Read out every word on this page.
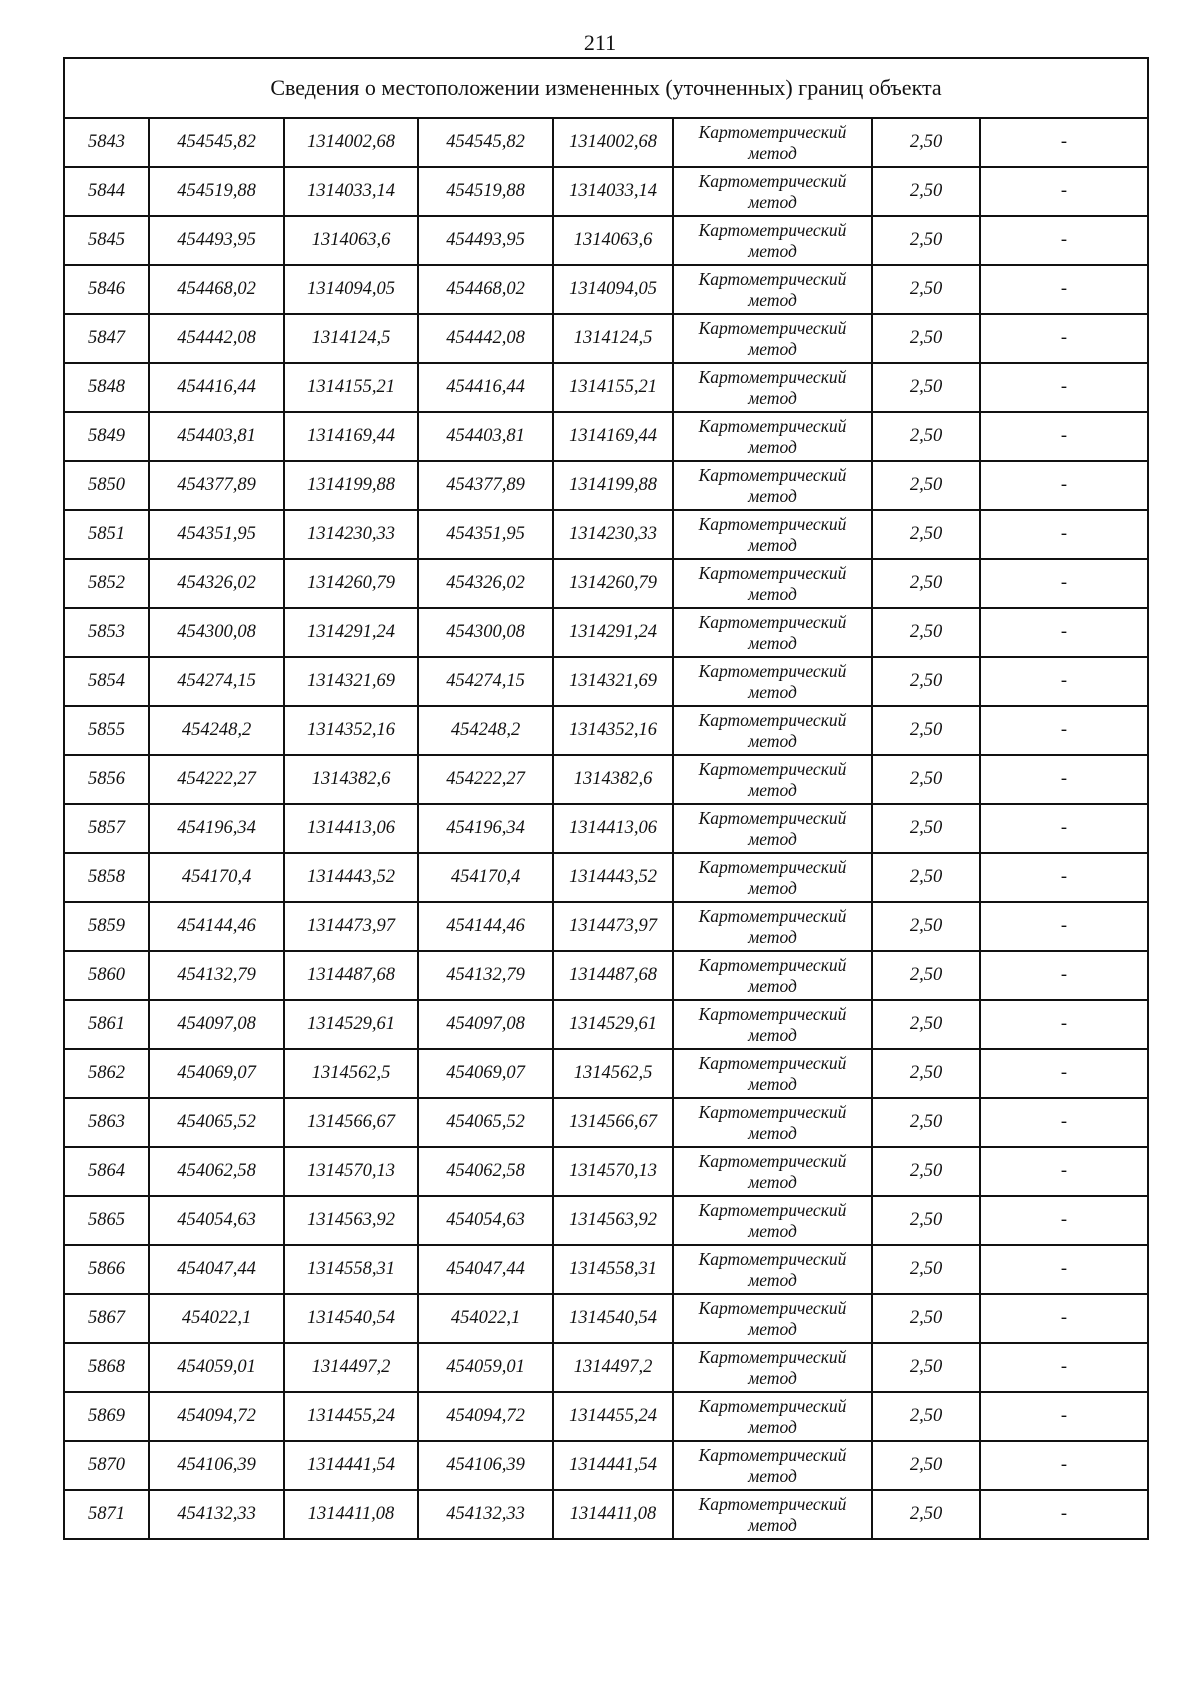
211
Сведения о местоположении измененных (уточненных) границ объекта							
5843	454545,82	1314002,68	454545,82	1314002,68	Картометрический
метод	2,50	-
5844	454519,88	1314033,14	454519,88	1314033,14	Картометрический
метод	2,50	-
5845	454493,95	1314063,6	454493,95	1314063,6	Картометрический
метод	2,50	-
5846	454468,02	1314094,05	454468,02	1314094,05	Картометрический
метод	2,50	-
5847	454442,08	1314124,5	454442,08	1314124,5	Картометрический
метод	2,50	-
5848	454416,44	1314155,21	454416,44	1314155,21	Картометрический
метод	2,50	-
5849	454403,81	1314169,44	454403,81	1314169,44	Картометрический
метод	2,50	-
5850	454377,89	1314199,88	454377,89	1314199,88	Картометрический
метод	2,50	-
5851	454351,95	1314230,33	454351,95	1314230,33	Картометрический
метод	2,50	-
5852	454326,02	1314260,79	454326,02	1314260,79	Картометрический
метод	2,50	-
5853	454300,08	1314291,24	454300,08	1314291,24	Картометрический
метод	2,50	-
5854	454274,15	1314321,69	454274,15	1314321,69	Картометрический
метод	2,50	-
5855	454248,2	1314352,16	454248,2	1314352,16	Картометрический
метод	2,50	-
5856	454222,27	1314382,6	454222,27	1314382,6	Картометрический
метод	2,50	-
5857	454196,34	1314413,06	454196,34	1314413,06	Картометрический
метод	2,50	-
5858	454170,4	1314443,52	454170,4	1314443,52	Картометрический
метод	2,50	-
5859	454144,46	1314473,97	454144,46	1314473,97	Картометрический
метод	2,50	-
5860	454132,79	1314487,68	454132,79	1314487,68	Картометрический
метод	2,50	-
5861	454097,08	1314529,61	454097,08	1314529,61	Картометрический
метод	2,50	-
5862	454069,07	1314562,5	454069,07	1314562,5	Картометрический
метод	2,50	-
5863	454065,52	1314566,67	454065,52	1314566,67	Картометрический
метод	2,50	-
5864	454062,58	1314570,13	454062,58	1314570,13	Картометрический
метод	2,50	-
5865	454054,63	1314563,92	454054,63	1314563,92	Картометрический
метод	2,50	-
5866	454047,44	1314558,31	454047,44	1314558,31	Картометрический
метод	2,50	-
5867	454022,1	1314540,54	454022,1	1314540,54	Картометрический
метод	2,50	-
5868	454059,01	1314497,2	454059,01	1314497,2	Картометрический
метод	2,50	-
5869	454094,72	1314455,24	454094,72	1314455,24	Картометрический
метод	2,50	-
5870	454106,39	1314441,54	454106,39	1314441,54	Картометрический
метод	2,50	-
5871	454132,33	1314411,08	454132,33	1314411,08	Картометрический
метод	2,50	-
